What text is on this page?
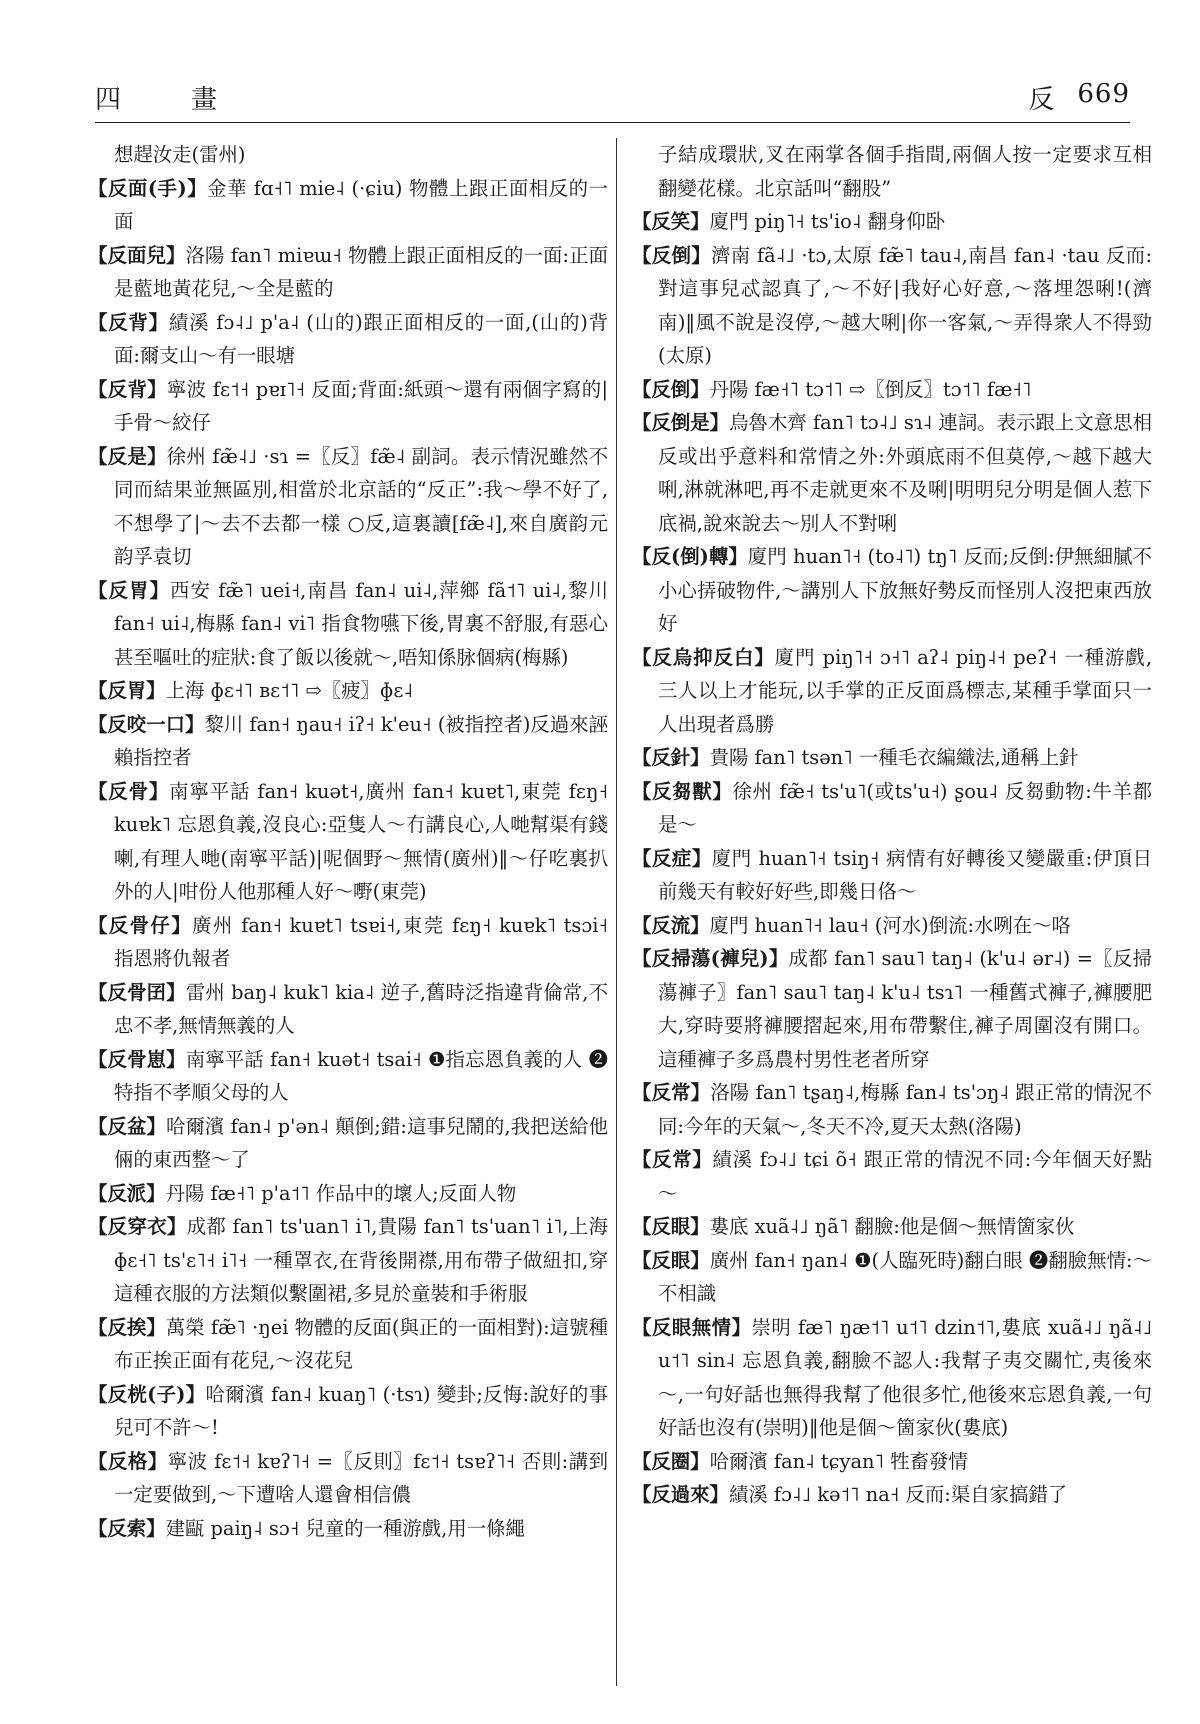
四　畫	反 669
想趕汝走(雷州)
【反面(手)】金華 fɑ˧˥ mie˨ (·ɕiu) 物體上跟正面相反的一面
【反面兒】洛陽 fan˥ miɐɯ˧ 物體上跟正面相反的一面:正面是藍地黃花兒,～全是藍的
【反背】績溪 fɔ˨˩ p'a˨ (山的)跟正面相反的一面,(山的)背面:爾支山～有一眼塘
【反背】寧波 fɛ˦˧ pɐɪ˥˧ 反面;背面:紙頭～還有兩個字寫的|手骨～絞仔
【反是】徐州 fæ̃˨˩ ·sɿ =〖反〗fæ̃˨ 副詞。表示情況雖然不同而結果並無區別,相當於北京話的“反正”:我～學不好了,不想學了|～去不去都一樣 ○反,這裏讀[fæ̃˨],來自廣韵元韵孚袁切
【反胃】西安 fæ̃˥ uei˧,南昌 fan˨ ui˨,萍鄉 fã˦˥ ui˨,黎川 fan˧ ui˨,梅縣 fan˨ vi˥ 指食物嚥下後,胃裏不舒服,有惡心甚至嘔吐的症狀:食了飯以後就～,唔知係脉個病(梅縣)
【反胃】上海 ɸɛ˧˥ ʙɛ˦˥ ⇨〖疲〗ɸɛ˨
【反咬一口】黎川 fan˧ ŋau˧ iʔ˧ k'eu˧ (被指控者)反過來誣賴指控者
【反骨】南寧平話 fan˧ kuət˧,廣州 fan˧ kuɐt˥,東莞 fɛŋ˧ kuɐk˥ 忘恩負義,沒良心:亞隻人～冇講良心,人哋幫渠有錢喇,有理人哋(南寧平話)|呢個野～無情(廣州)‖～仔吃裏扒外的人|咁份人他那種人好～嘢(東莞)
【反骨仔】廣州 fan˧ kuɐt˥ tsɐi˧,東莞 fɛŋ˧ kuɐk˥ tsɔi˧ 指恩將仇報者
【反骨囝】雷州 baŋ˨ kuk˥ kia˨ 逆子,舊時泛指違背倫常,不忠不孝,無情無義的人
【反骨崽】南寧平話 fan˧ kuət˧ tsai˧ ❶指忘恩負義的人 ❷特指不孝順父母的人
【反盆】哈爾濱 fan˨ p'ən˨ 顛倒;錯:這事兒鬧的,我把送給他倆的東西整～了
【反派】丹陽 fæ˧˥ p'a˦˥ 作品中的壞人;反面人物
【反穿衣】成都 fan˥ ts'uan˥ i˥,貴陽 fan˥ ts'uan˥ i˥,上海 ɸɛ˧˥ ts'ɛ˥˧ i˥˧ 一種罩衣,在背後開襟,用布帶子做紐扣,穿這種衣服的方法類似繫圍裙,多見於童裝和手術服
【反挨】萬榮 fæ̃˥ ·ŋei 物體的反面(與正的一面相對):這號種布正挨正面有花兒,～沒花兒
【反桄(子)】哈爾濱 fan˨ kuaŋ˥ (·tsɿ) 變卦;反悔:說好的事兒可不許～!
【反格】寧波 fɛ˦˧ kɐʔ˥˧ =〖反則〗fɛ˦˧ tsɐʔ˥˧ 否則:講到一定要做到,～下遭啥人還會相信儂
【反索】建甌 paiŋ˨ sɔ˧ 兒童的一種游戲,用一條繩
子結成環狀,叉在兩掌各個手指間,兩個人按一定要求互相翻變花樣。北京話叫“翻股”
【反笑】廈門 piŋ˥˧ ts'io˨ 翻身仰卧
【反倒】濟南 fã˨˩ ·tɔ,太原 fæ̃˥ tau˨,南昌 fan˨ ·tau 反而:對這事兒忒認真了,～不好|我好心好意,～落埋怨唎!(濟南)‖風不說是沒停,～越大唎|你一客氣,～弄得衆人不得勁(太原)
【反倒】丹陽 fæ˧˥ tɔ˦˥ ⇨〖倒反〗tɔ˦˥ fæ˧˥
【反倒是】烏魯木齊 fan˥ tɔ˨˩ sɿ˨ 連詞。表示跟上文意思相反或出乎意料和常情之外:外頭底雨不但莫停,～越下越大唎,淋就淋吧,再不走就更來不及唎|明明兒分明是個人惹下底禍,說來說去～別人不對唎
【反(倒)轉】廈門 huan˥˧ (to˨˥) tŋ˥ 反而;反倒:伊無細膩不小心挵破物件,～講別人下放無好勢反而怪別人沒把東西放好
【反烏抑反白】廈門 piŋ˥˧ ɔ˧˥ aʔ˨ piŋ˨˧ peʔ˧ 一種游戲,三人以上才能玩,以手掌的正反面爲標志,某種手掌面只一人出現者爲勝
【反針】貴陽 fan˥ tsən˥ 一種毛衣編織法,通稱上針
【反芻獸】徐州 fæ̃˧ ts'u˥(或ts'u˧) ʂou˨ 反芻動物:牛羊都是～
【反症】廈門 huan˥˧ tsiŋ˧ 病情有好轉後又變嚴重:伊頂日前幾天有較好好些,即幾日佫～
【反流】廈門 huan˥˧ lau˧ (河水)倒流:水咧在～咯
【反掃蕩(褲兒)】成都 fan˥ sau˥ taŋ˨ (k'u˨ ər˨) =〖反掃蕩褲子〗fan˥ sau˥ taŋ˨ k'u˨ tsɿ˥ 一種舊式褲子,褲腰肥大,穿時要將褲腰摺起來,用布帶繫住,褲子周圍沒有開口。這種褲子多爲農村男性老者所穿
【反常】洛陽 fan˥ tʂaŋ˨,梅縣 fan˨ ts'ɔŋ˨ 跟正常的情況不同:今年的天氣～,冬天不冷,夏天太熱(洛陽)
【反常】績溪 fɔ˨˩ tɕi õ˧ 跟正常的情況不同:今年個天好點～
【反眼】婁底 xuã˨˩ ŋã˥ 翻臉:他是個～無情箇家伙
【反眼】廣州 fan˧ ŋan˨ ❶(人臨死時)翻白眼 ❷翻臉無情:～不相識
【反眼無情】崇明 fæ˥ ŋæ˦˥ u˦˥ dzin˦˥,婁底 xuã˨˩ ŋã˨˩ u˦˥ sin˨ 忘恩負義,翻臉不認人:我幫子夷交關忙,夷後來～,一句好話也無得我幫了他很多忙,他後來忘恩負義,一句好話也沒有(崇明)‖他是個～箇家伙(婁底)
【反圈】哈爾濱 fan˨ tɕyan˥ 牲畜發情
【反過來】績溪 fɔ˨˩ kə˦˥ na˧ 反而:渠自家搞錯了
